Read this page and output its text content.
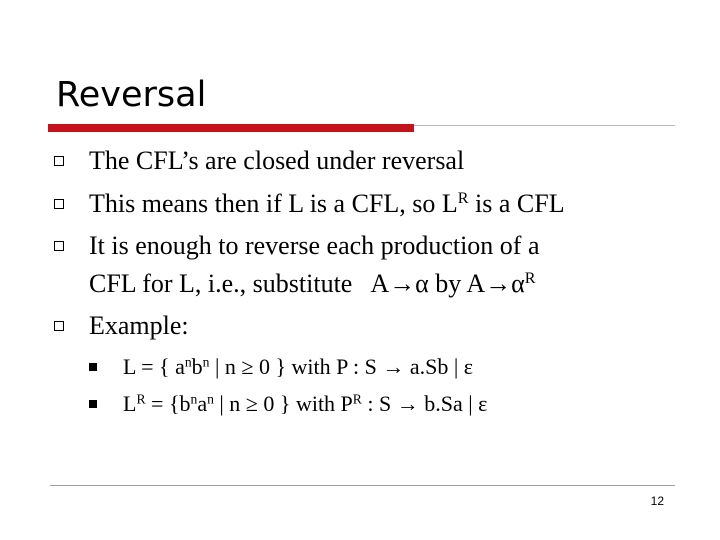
Reversal
The CFL’s are closed under reversal
This means then if L is a CFL, so $L^R$ is a CFL
It is enough to reverse each production of a
CFL for L, i.e., substitute A→α by $A\to\alpha^R$
Example:
L = { $a^nb^n$ | n ≥ 0 } with P : S → a.Sb | ε
$L^R = \{b^na^n$ | n ≥ 0 } with $P^R$ : S → b.Sa | ε
12
